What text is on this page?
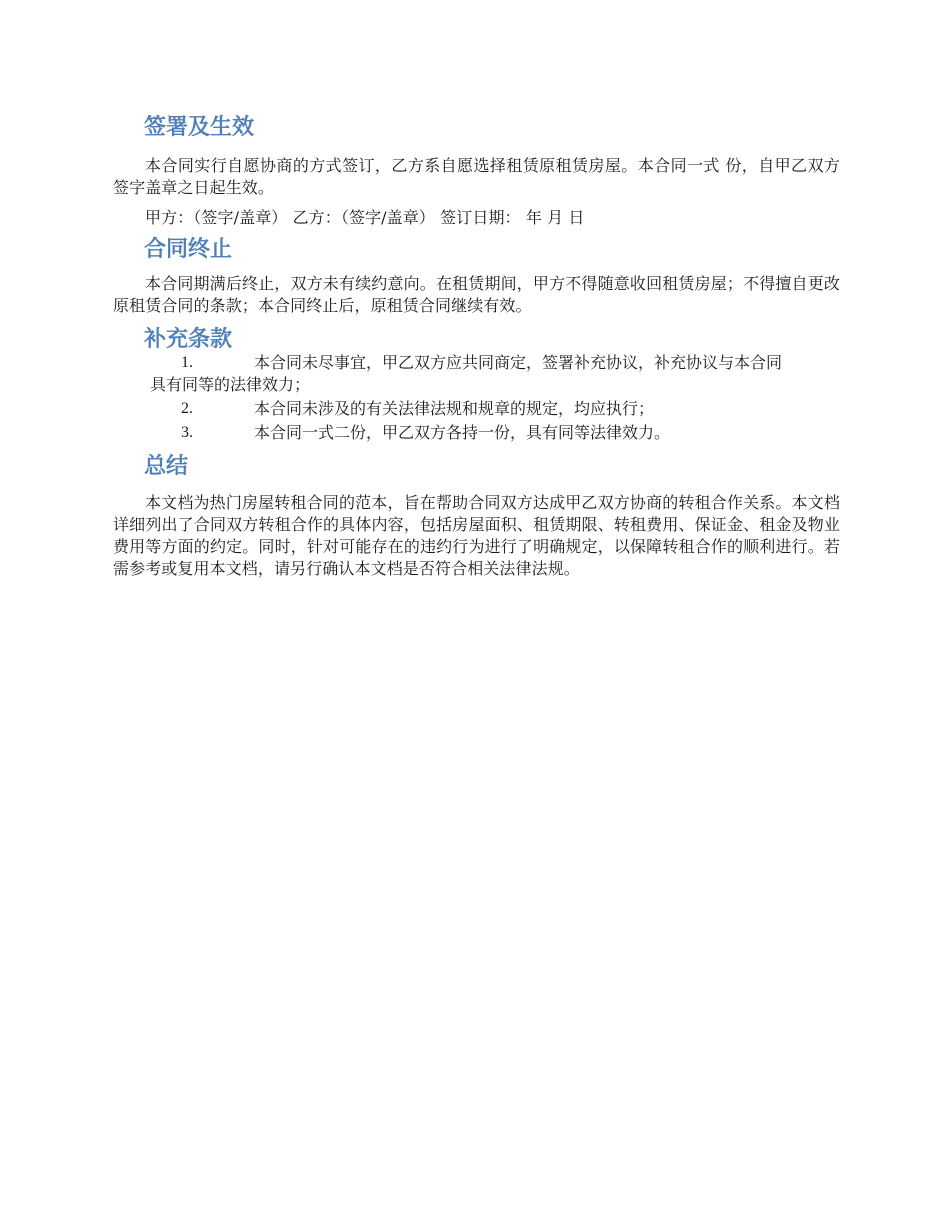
签署及生效

本合同实行自愿协商的方式签订，乙方系自愿选择租赁原租赁房屋。本合同一式 份，自甲乙双方签字盖章之日起生效。

甲方：（签字/盖章） 乙方：（签字/盖章） 签订日期： 年 月 日

合同终止

本合同期满后终止，双方未有续约意向。在租赁期间，甲方不得随意收回租赁房屋；不得擅自更改原租赁合同的条款；本合同终止后，原租赁合同继续有效。

补充条款
1.	本合同未尽事宜，甲乙双方应共同商定，签署补充协议，补充协议与本合同
具有同等的法律效力；
2.	本合同未涉及的有关法律法规和规章的规定，均应执行；
3.	本合同一式二份，甲乙双方各持一份，具有同等法律效力。
总结

本文档为热门房屋转租合同的范本，旨在帮助合同双方达成甲乙双方协商的转租合作关系。本文档详细列出了合同双方转租合作的具体内容，包括房屋面积、租赁期限、转租费用、保证金、租金及物业费用等方面的约定。同时，针对可能存在的违约行为进行了明确规定，以保障转租合作的顺利进行。若需参考或复用本文档，请另行确认本文档是否符合相关法律法规。
